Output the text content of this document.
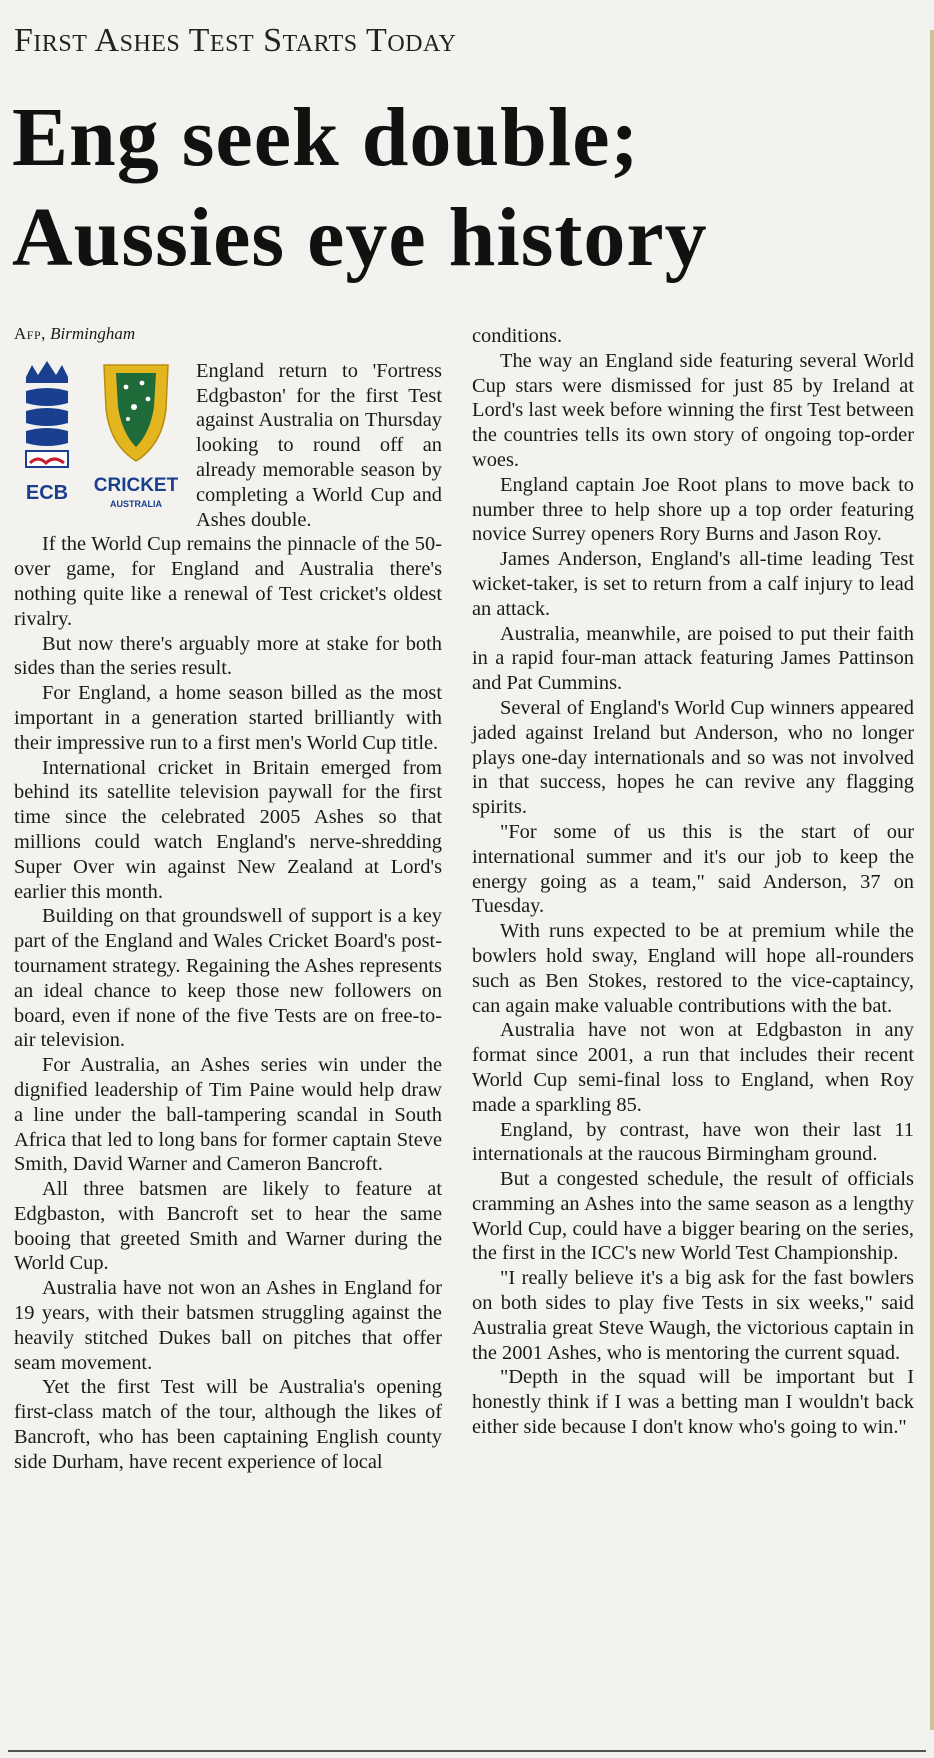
First Ashes Test Starts Today
Eng seek double;
Aussies eye history
Afp, Birmingham
ECB CRICKET
AUSTRALIA

England return to 'Fortress Edgbaston' for the first Test against Australia on Thursday looking to round off an already memorable season by completing a World Cup and Ashes double.

If the World Cup remains the pinnacle of the 50-over game, for England and Australia there's nothing quite like a renewal of Test cricket's oldest rivalry.

But now there's arguably more at stake for both sides than the series result.

For England, a home season billed as the most important in a generation started brilliantly with their impressive run to a first men's World Cup title.

International cricket in Britain emerged from behind its satellite television paywall for the first time since the celebrated 2005 Ashes so that millions could watch England's nerve-shredding Super Over win against New Zealand at Lord's earlier this month.

Building on that groundswell of support is a key part of the England and Wales Cricket Board's post-tournament strategy. Regaining the Ashes represents an ideal chance to keep those new followers on board, even if none of the five Tests are on free-to-air television.

For Australia, an Ashes series win under the dignified leadership of Tim Paine would help draw a line under the ball-tampering scandal in South Africa that led to long bans for former captain Steve Smith, David Warner and Cameron Bancroft.

All three batsmen are likely to feature at Edgbaston, with Bancroft set to hear the same booing that greeted Smith and Warner during the World Cup.

Australia have not won an Ashes in England for 19 years, with their batsmen struggling against the heavily stitched Dukes ball on pitches that offer seam movement.

Yet the first Test will be Australia's opening first-class match of the tour, although the likes of Bancroft, who has been captaining English county side Durham, have recent experience of local

conditions.

The way an England side featuring several World Cup stars were dismissed for just 85 by Ireland at Lord's last week before winning the first Test between the countries tells its own story of ongoing top-order woes.

England captain Joe Root plans to move back to number three to help shore up a top order featuring novice Surrey openers Rory Burns and Jason Roy.

James Anderson, England's all-time leading Test wicket-taker, is set to return from a calf injury to lead an attack.

Australia, meanwhile, are poised to put their faith in a rapid four-man attack featuring James Pattinson and Pat Cummins.

Several of England's World Cup winners appeared jaded against Ireland but Anderson, who no longer plays one-day internationals and so was not involved in that success, hopes he can revive any flagging spirits.

"For some of us this is the start of our international summer and it's our job to keep the energy going as a team," said Anderson, 37 on Tuesday.

With runs expected to be at premium while the bowlers hold sway, England will hope all-rounders such as Ben Stokes, restored to the vice-captaincy, can again make valuable contributions with the bat.

Australia have not won at Edgbaston in any format since 2001, a run that includes their recent World Cup semi-final loss to England, when Roy made a sparkling 85.

England, by contrast, have won their last 11 internationals at the raucous Birmingham ground.

But a congested schedule, the result of officials cramming an Ashes into the same season as a lengthy World Cup, could have a bigger bearing on the series, the first in the ICC's new World Test Championship.

"I really believe it's a big ask for the fast bowlers on both sides to play five Tests in six weeks," said Australia great Steve Waugh, the victorious captain in the 2001 Ashes, who is mentoring the current squad.

"Depth in the squad will be important but I honestly think if I was a betting man I wouldn't back either side because I don't know who's going to win."
